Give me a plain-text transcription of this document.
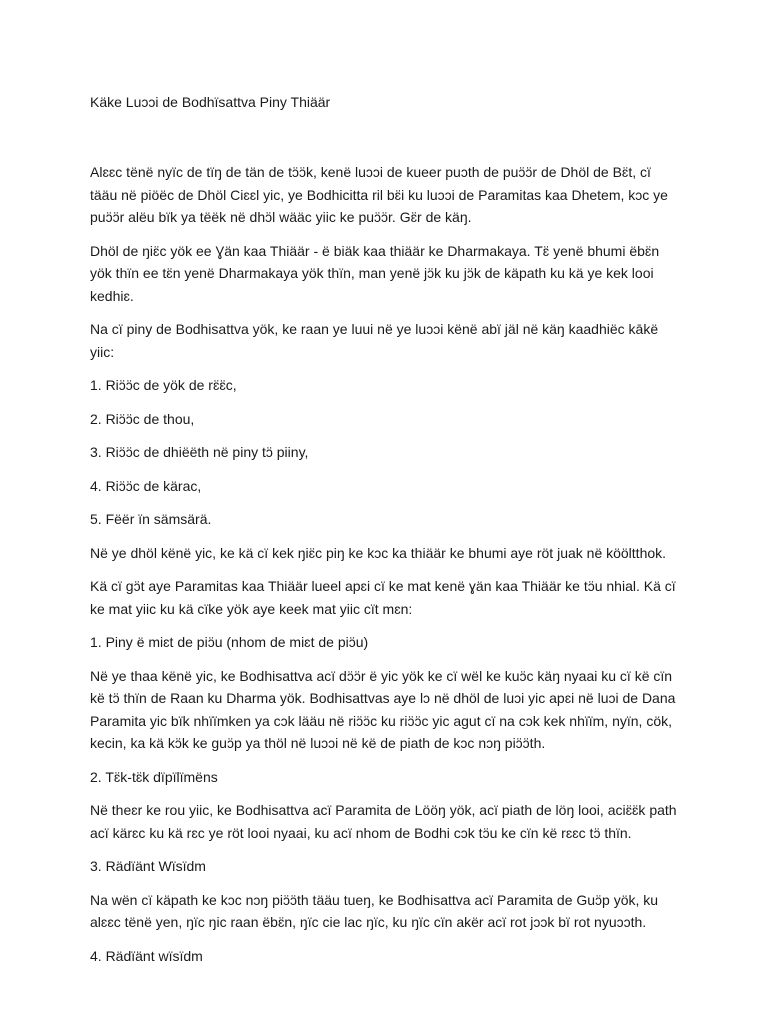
Käke Luɔɔi de Bodhïsattva Piny Thiäär

Alɛɛc tënë nyïc de tïŋ de tän de tɔ̈ɔ̈k, kenë luɔɔi de kueer puɔth de puɔ̈ɔ̈r de Dhöl de Bɛ̈t, cï tääu në piöëc de Dhöl Ciɛɛl yic, ye Bodhicitta ril bɛ̈i ku luɔɔi de Paramitas kaa Dhetem, kɔc ye puɔ̈ɔ̈r alëu bïk ya tëëk në dhɔ̈l wääc yiic ke puɔ̈ɔ̈r. Gɛ̈r de käŋ.

Dhöl de ŋiɛ̈c yök ee Ɣän kaa Thiäär - ë biäk kaa thiäär ke Dharmakaya. Tɛ̈ yenë bhumi ëbɛ̈n yök thïn ee tɛ̈n yenë Dharmakaya yök thïn, man yenë jɔ̈k ku jɔ̈k de käpath ku kä ye kek looi kedhiɛ.

Na cï piny de Bodhisattva yök, ke raan ye luui në ye luɔɔi kënë abï jäl në käŋ kaadhiëc kākë yiic:

1. Riɔ̈ɔ̈c de yök de rɛ̈ɛ̈c,

2. Riɔ̈ɔ̈c de thou,

3. Riɔ̈ɔ̈c de dhiëëth në piny tɔ̈ piiny,

4. Riɔ̈ɔ̈c de kärac,

5. Fëër ïn sämsärä.

Në ye dhöl kënë yic, ke kä cï kek ŋiɛ̈c piŋ ke kɔc ka thiäär ke bhumi aye röt juak në kööltthok.

Kä cï gɔ̈t aye Paramitas kaa Thiäär lueel apɛi cï ke mat kenë ɣän kaa Thiäär ke tɔ̈u nhial. Kä cï ke mat yiic ku kä cïke yök aye keek mat yiic cït mɛn:

1. Piny ë miɛt de piɔ̈u (nhom de miɛt de piɔ̈u)

Në ye thaa kënë yic, ke Bodhisattva acï dɔ̈ɔ̈r ë yic yök ke cï wël ke kuɔ̈c käŋ nyaai ku cï kë cïn kë tɔ̈ thïn de Raan ku Dharma yök. Bodhisattvas aye lɔ në dhöl de luɔi yic apɛi në luɔi de Dana Paramita yic bïk nhïïmken ya cɔk lääu në riɔ̈ɔ̈c ku riɔ̈ɔ̈c yic agut cï na cɔk kek nhïïm, nyïn, cök, kecin, ka kä kɔ̈k ke guɔ̈p ya thöl në luɔɔi në kë de piath de kɔc nɔŋ piɔ̈ɔ̈th.

2. Tɛ̈k-tɛ̈k dïpïlïmëns

Në theɛr ke rou yiic, ke Bodhisattva acï Paramita de Lööŋ yök, acï piath de löŋ looi, aciɛ̈ɛ̈k path acï kärɛc ku kä rɛc ye röt looi nyaai, ku acï nhom de Bodhi cɔk tɔ̈u ke cïn kë rɛɛc tɔ̈ thïn.

3. Rädïänt Wïsïdm

Na wën cï käpath ke kɔc nɔŋ piɔ̈ɔ̈th tääu tueŋ, ke Bodhisattva acï Paramita de Guɔ̈p yök, ku alɛɛc tënë yen, ŋïc ŋic raan ëbɛ̈n, ŋïc cie lac ŋïc, ku ŋïc cïn akër acï rot jɔɔk bï rot nyuɔɔth.

4. Rädïänt wïsïdm
